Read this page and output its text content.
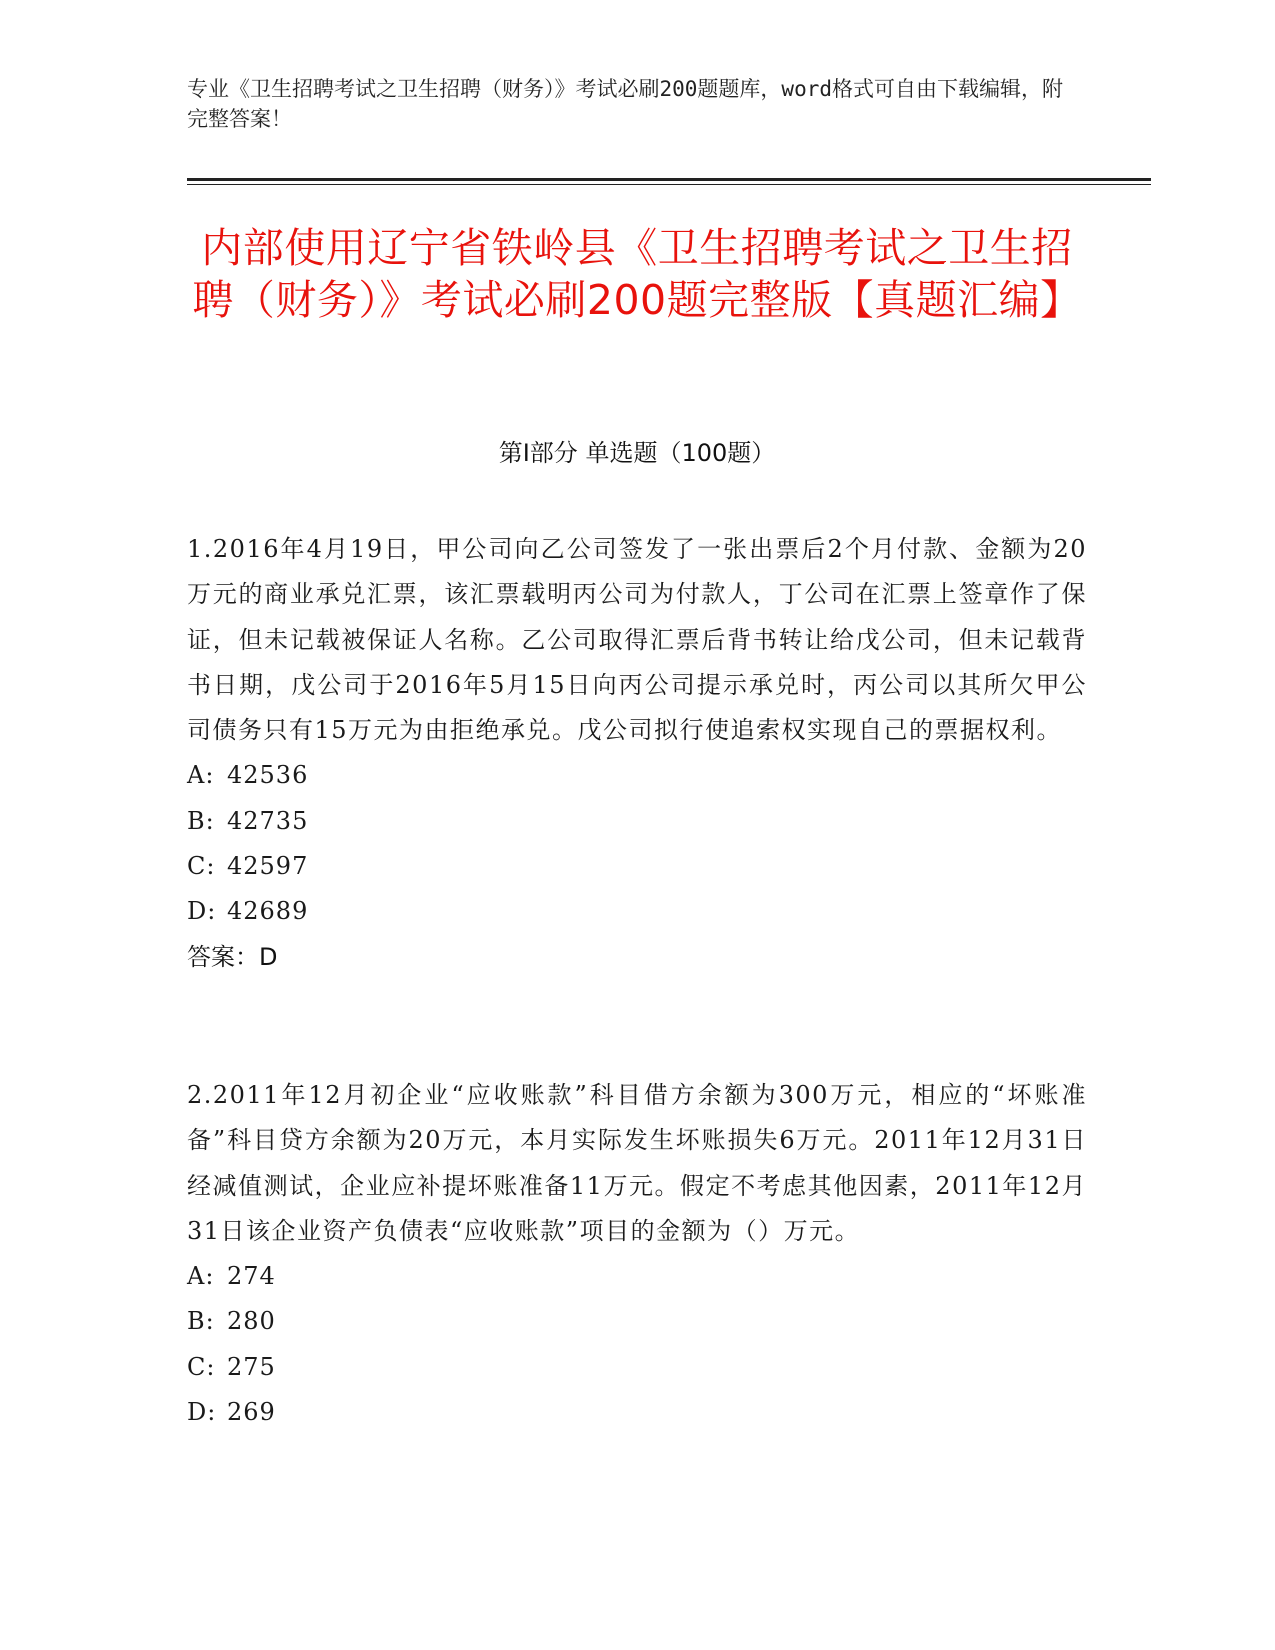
专业《卫生招聘考试之卫生招聘（财务）》考试必刷200题题库，word格式可自由下载编辑，附完整答案！
内部使用辽宁省铁岭县《卫生招聘考试之卫生招聘（财务）》考试必刷200题完整版【真题汇编】
第Ⅰ部分 单选题（100题）

1.2016年4月19日，甲公司向乙公司签发了一张出票后2个月付款、金额为20万元的商业承兑汇票，该汇票载明丙公司为付款人，丁公司在汇票上签章作了保证，但未记载被保证人名称。乙公司取得汇票后背书转让给戊公司，但未记载背书日期，戊公司于2016年5月15日向丙公司提示承兑时，丙公司以其所欠甲公司债务只有15万元为由拒绝承兑。戊公司拟行使追索权实现自己的票据权利。

A: 42536

B: 42735

C: 42597

D: 42689

答案：D

2.2011年12月初企业“应收账款”科目借方余额为300万元，相应的“坏账准备”科目贷方余额为20万元，本月实际发生坏账损失6万元。2011年12月31日经减值测试，企业应补提坏账准备11万元。假定不考虑其他因素，2011年12月31日该企业资产负债表“应收账款”项目的金额为（）万元。

A: 274

B: 280

C: 275

D: 269
